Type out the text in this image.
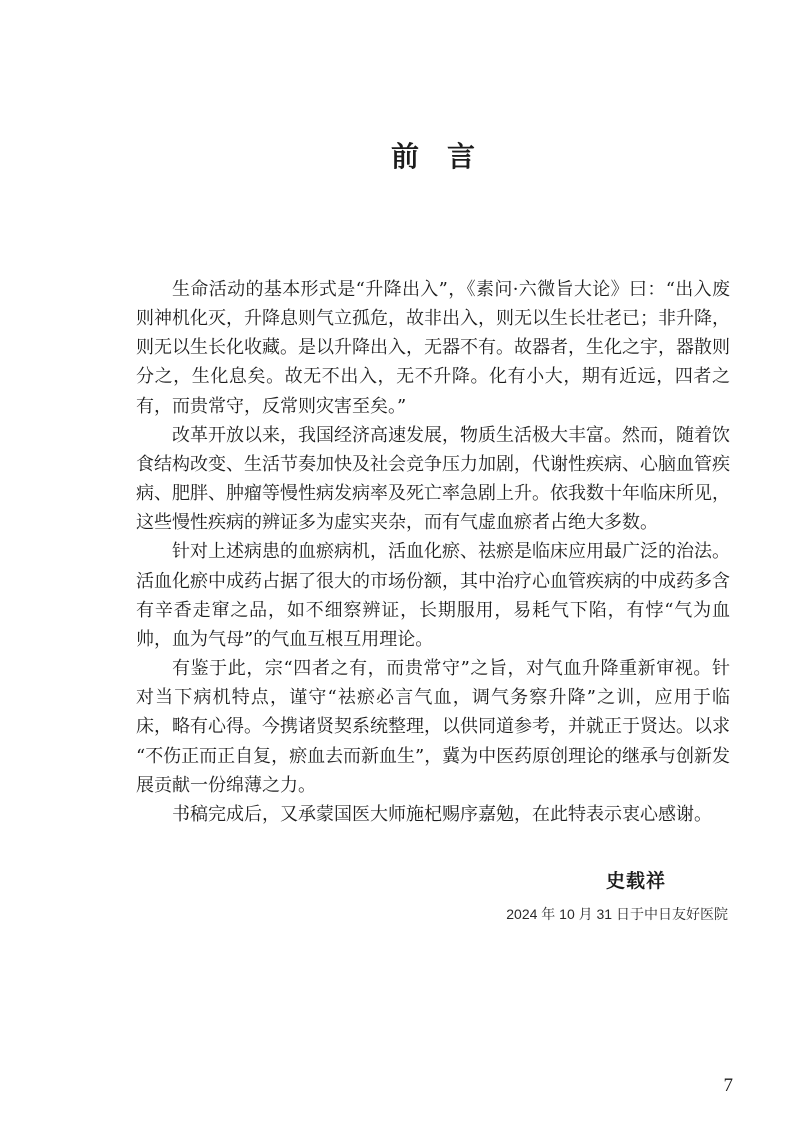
前　言
生命活动的基本形式是“升降出入”，《素问·六微旨大论》曰：“出入废
则神机化灭，升降息则气立孤危，故非出入，则无以生长壮老已；非升降，
则无以生长化收藏。是以升降出入，无器不有。故器者，生化之宇，器散则
分之，生化息矣。故无不出入，无不升降。化有小大，期有近远，四者之
有，而贵常守，反常则灾害至矣。”
改革开放以来，我国经济高速发展，物质生活极大丰富。然而，随着饮
食结构改变、生活节奏加快及社会竞争压力加剧，代谢性疾病、心脑血管疾
病、肥胖、肿瘤等慢性病发病率及死亡率急剧上升。依我数十年临床所见，
这些慢性疾病的辨证多为虚实夹杂，而有气虚血瘀者占绝大多数。
针对上述病患的血瘀病机，活血化瘀、祛瘀是临床应用最广泛的治法。
活血化瘀中成药占据了很大的市场份额，其中治疗心血管疾病的中成药多含
有辛香走窜之品，如不细察辨证，长期服用，易耗气下陷，有悖“气为血
帅，血为气母”的气血互根互用理论。
有鉴于此，宗“四者之有，而贵常守”之旨，对气血升降重新审视。针
对当下病机特点，谨守“祛瘀必言气血，调气务察升降”之训，应用于临
床，略有心得。今携诸贤契系统整理，以供同道参考，并就正于贤达。以求
“不伤正而正自复，瘀血去而新血生”，冀为中医药原创理论的继承与创新发
展贡献一份绵薄之力。
书稿完成后，又承蒙国医大师施杞赐序嘉勉，在此特表示衷心感谢。
史载祥
2024 年 10 月 31 日于中日友好医院
7
